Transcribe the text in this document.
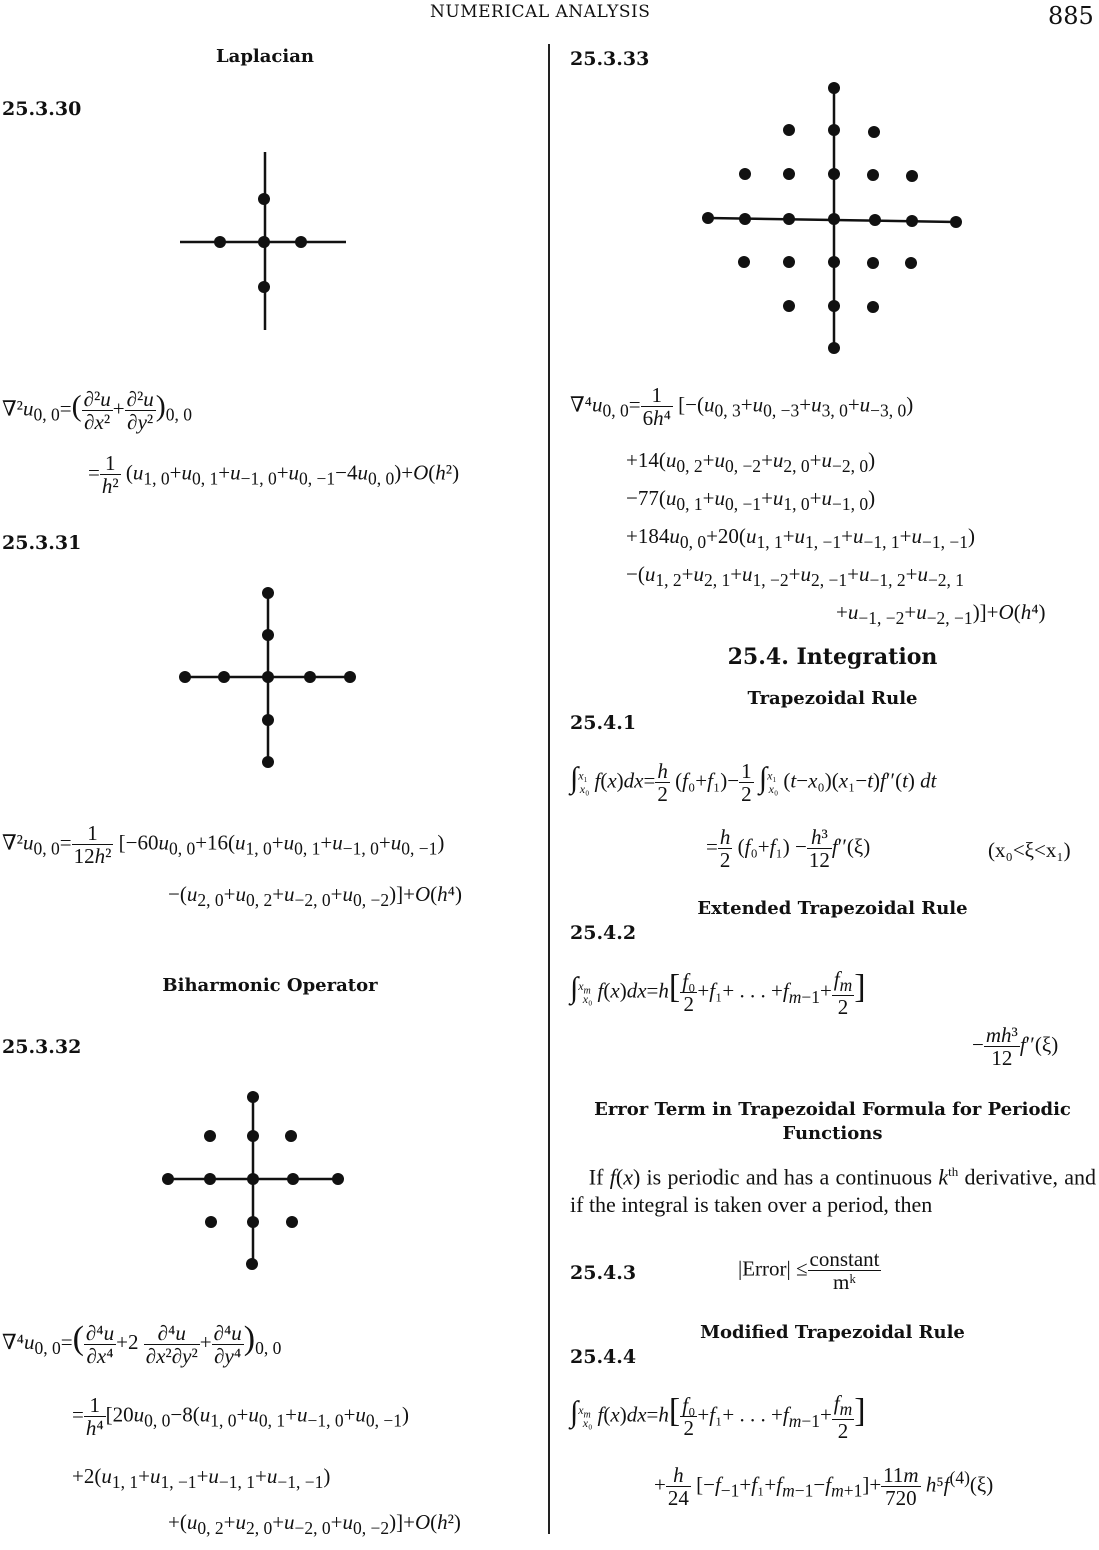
NUMERICAL ANALYSIS	885
Laplacian
25.3.30
$\nabla^2u_{0, 0}=( \frac{\text{∂²u}}{\text{∂x²}} + \frac{\text{∂²u}}{\text{∂y²}} )_{0, 0}$
= $\frac{1}{\text{h²}} (u_{1, 0}+u_{0, 1}+u_{-1, 0}+u_{0, -1}-4u_{0, 0})+O(h^2)$
25.3.31
$\nabla^2u_{0, 0}= \frac{1}{\text{12h²}} [-60u_{0, 0}+16(u_{1, 0}+u_{0, 1}+u_{-1, 0}+u_{0, -1})$
$-(u_{2, 0}+u_{0, 2}+u_{-2, 0}+u_{0, -2})]+O(h^4)$
Biharmonic Operator
25.3.32
$\nabla^4u_{0, 0}=( \frac{\text{∂⁴u}}{\text{∂x⁴}} +2 \frac{\text{∂⁴u}}{\text{∂x²∂y²}} + \frac{\text{∂⁴u}}{\text{∂y⁴}} )_{0, 0}$
= $\frac{1}{\text{h⁴}} [20u_{0, 0}-8(u_{1, 0}+u_{0, 1}+u_{-1, 0}+u_{0, -1})$
$+2(u_{1, 1}+u_{1, -1}+u_{-1, 1}+u_{-1, -1})$
$+(u_{0, 2}+u_{2, 0}+u_{-2, 0}+u_{0, -2})]+O(h^2)$
25.3.33
$\nabla^4u_{0, 0}= \frac{1}{\text{6h⁴}} [-(u_{0, 3}+u_{0, -3}+u_{3, 0}+u_{-3, 0})$
$+14(u_{0, 2}+u_{0, -2}+u_{2, 0}+u_{-2, 0})$
$-77(u_{0, 1}+u_{0, -1}+u_{1, 0}+u_{-1, 0})$
$+184u_{0, 0}+20(u_{1, 1}+u_{1, -1}+u_{-1, 1}+u_{-1, -1})$
$-(u_{1, 2}+u_{2, 1}+u_{1, -2}+u_{2, -1}+u_{-1, 2}+u_{-2, 1}$
$+u_{-1, -2}+u_{-2, -1})]+O(h^4)$
25.4. Integration
Trapezoidal Rule
25.4.1
∫$^{x_1}_{x_0}$ $f(x)dx= \frac{h}{2} (f_0+f_1)- \frac{1}{2} \int^{x_1}_{x_0}$ (t−x₀)(x₁−t)f′′(t) dt
= $\frac{h}{2} (f_0+f_1) - \frac{\text{h³}}{12} f''(\xi)$	(x₀<ξ<x₁)
Extended Trapezoidal Rule
25.4.2
∫$^{x_m}_{x_0}$ $f(x)dx=h[ \frac{\text{f₀}}{2} +f_1+$ . . . $+f_{m-1}+ \frac{f_m}{2}$ ]
− $\frac{\text{mh³}}{12} f''(\xi)$
Error Term in Trapezoidal Formula for Periodic Functions
If f(x) is periodic and has a continuous $k^{th}$ derivative, and if the integral is taken over a period, then
25.4.3	|Error| ≤ $\frac{\text{constant}}{\text{mᵏ}}$
Modified Trapezoidal Rule
25.4.4
∫$^{x_m}_{x_0}$ $f(x)dx=h[ \frac{\text{f₀}}{2} +f_1+$ . . . $+f_{m-1}+ \frac{f_m}{2}$ ]
+ $\frac{h}{24} [-f_{-1}+f_1+f_{m-1}-f_{m+1}]+ \frac{11m}{720} h^5f^{(4)}(\xi)$
